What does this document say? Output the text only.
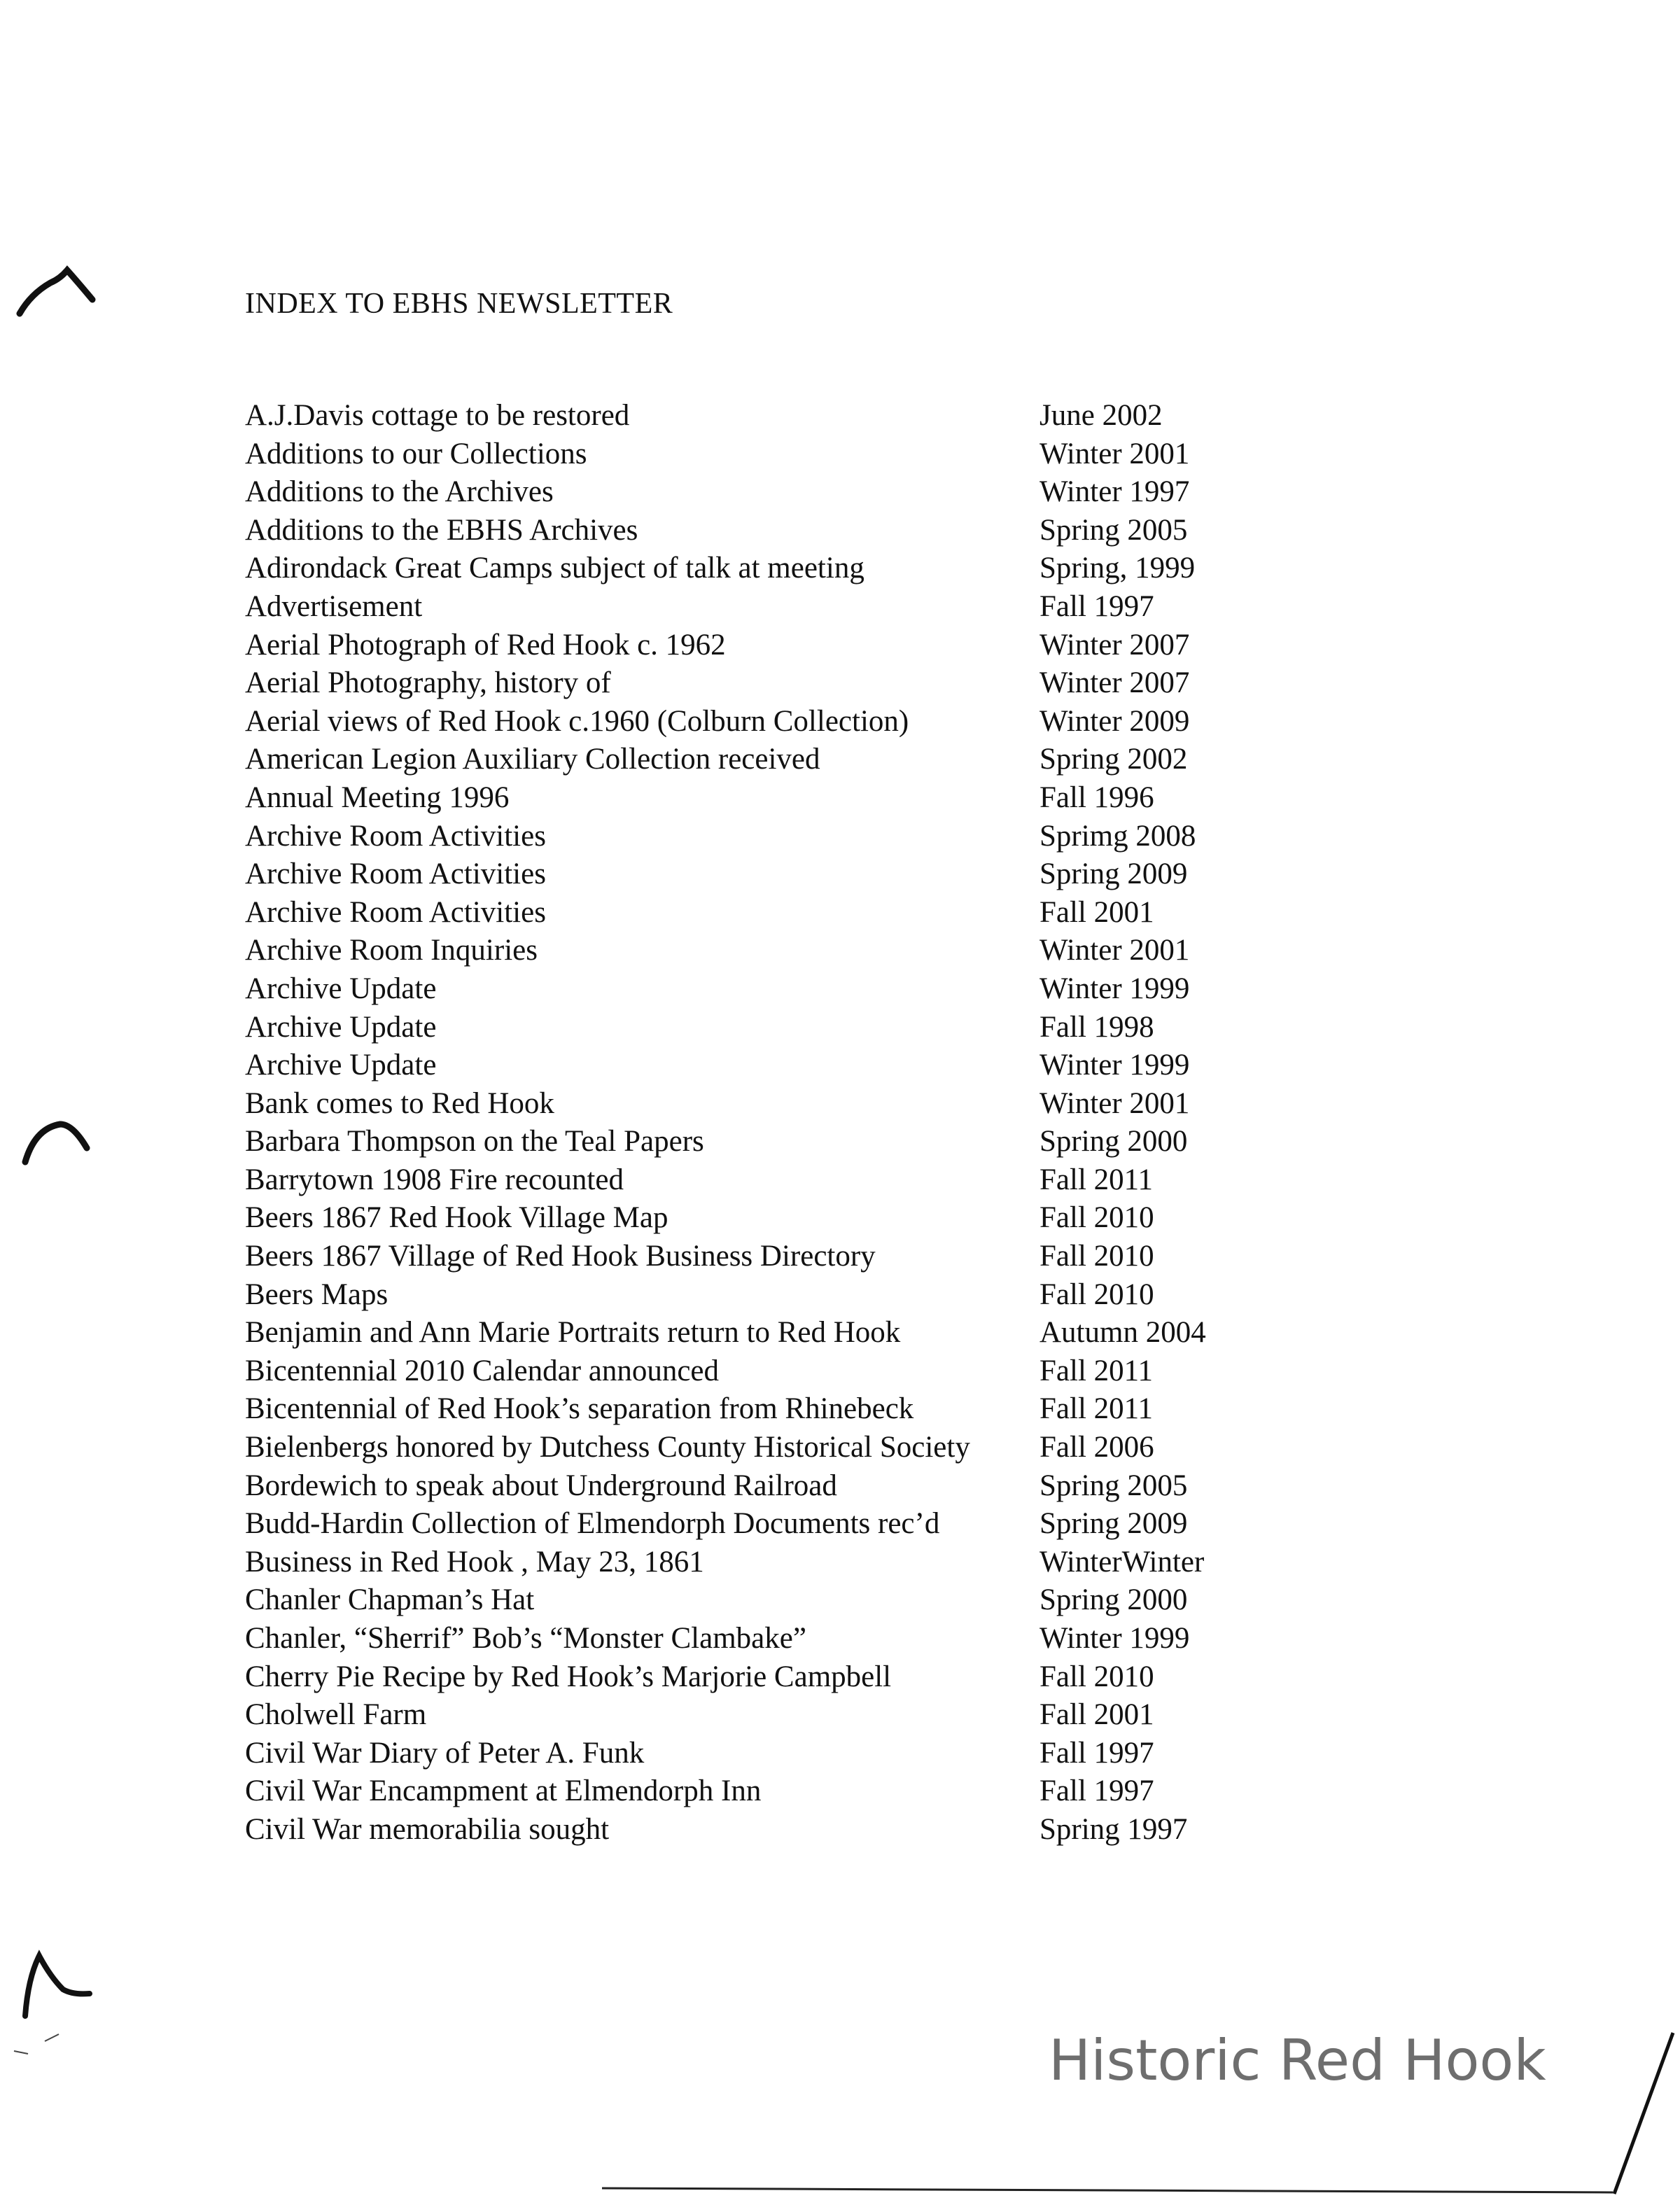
INDEX TO EBHS NEWSLETTER
A.J.Davis cottage to be restored	June 2002
Additions to our Collections	Winter 2001
Additions to the Archives	Winter 1997
Additions to the EBHS Archives	Spring 2005
Adirondack Great Camps subject of talk at meeting	Spring, 1999
Advertisement	Fall 1997
Aerial Photograph of Red Hook c. 1962	Winter 2007
Aerial Photography, history of	Winter 2007
Aerial views of Red Hook c.1960 (Colburn Collection)	Winter 2009
American Legion Auxiliary Collection received	Spring 2002
Annual Meeting 1996	Fall 1996
Archive Room Activities	Sprimg 2008
Archive Room Activities	Spring 2009
Archive Room Activities	Fall 2001
Archive Room Inquiries	Winter 2001
Archive Update	Winter 1999
Archive Update	Fall 1998
Archive Update	Winter 1999
Bank comes to Red Hook	Winter 2001
Barbara Thompson on the Teal Papers	Spring 2000
Barrytown 1908 Fire recounted	Fall 2011
Beers 1867 Red Hook Village Map	Fall 2010
Beers 1867 Village of Red Hook Business Directory	Fall 2010
Beers Maps	Fall 2010
Benjamin and Ann Marie Portraits return to Red Hook	Autumn 2004
Bicentennial 2010 Calendar announced	Fall 2011
Bicentennial of Red Hook’s separation from Rhinebeck	Fall 2011
Bielenbergs honored by Dutchess County Historical Society Fall 2006
Bordewich to speak about Underground Railroad	Spring 2005
Budd-Hardin Collection of Elmendorph Documents rec’d	Spring 2009
Business in Red Hook , May 23, 1861	WinterWinter
Chanler Chapman’s Hat	Spring 2000
Chanler, “Sherrif” Bob’s “Monster Clambake”	Winter 1999
Cherry Pie Recipe by Red Hook’s Marjorie Campbell	Fall 2010
Cholwell Farm	Fall 2001
Civil War Diary of Peter A. Funk	Fall 1997
Civil War Encampment at Elmendorph Inn	Fall 1997
Civil War memorabilia sought	Spring 1997
Historic Red Hook
